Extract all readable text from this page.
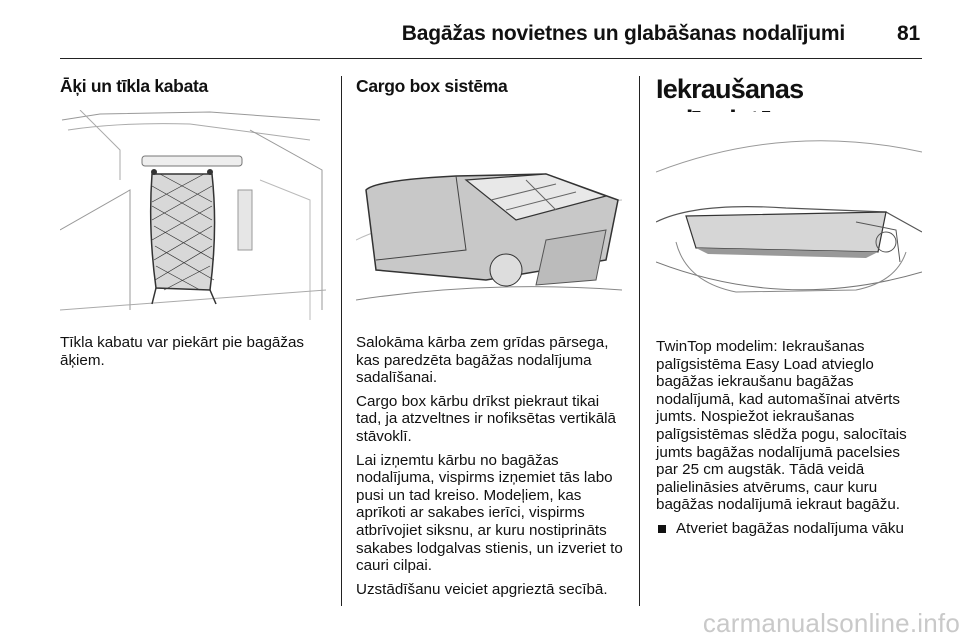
Bagāžas novietnes un glabāšanas nodalījumi 81
Āķi un tīkla kabata

Tīkla kabatu var piekārt pie bagāžas āķiem.

Cargo box sistēma

Salokāma kārba zem grīdas pārsega, kas paredzēta bagāžas nodalījuma sadalīšanai.

Cargo box kārbu drīkst piekraut tikai tad, ja atzveltnes ir nofiksētas vertikālā stāvoklī.

Lai izņemtu kārbu no bagāžas nodalījuma, vispirms izņemiet tās labo pusi un tad kreiso. Modeļiem, kas aprīkoti ar sakabes ierīci, vispirms atbrīvojiet siksnu, ar kuru nostiprināts sakabes lodgalvas stienis, un izveriet to cauri cilpai.

Uzstādīšanu veiciet apgrieztā secībā.

Iekraušanas

TwinTop modelim: Iekraušanas palīgsistēma Easy Load atvieglo bagāžas iekraušanu bagāžas nodalījumā, kad automašīnai atvērts jumts. Nospiežot iekraušanas palīgsistēmas slēdža pogu, salocītais jumts bagāžas nodalījumā pacelsies par 25 cm augstāk. Tādā veidā palielināsies atvērums, caur kuru bagāžas nodalījumā iekraut bagāžu.

Atveriet bagāžas nodalījuma vāku
carmanualsonline.info
